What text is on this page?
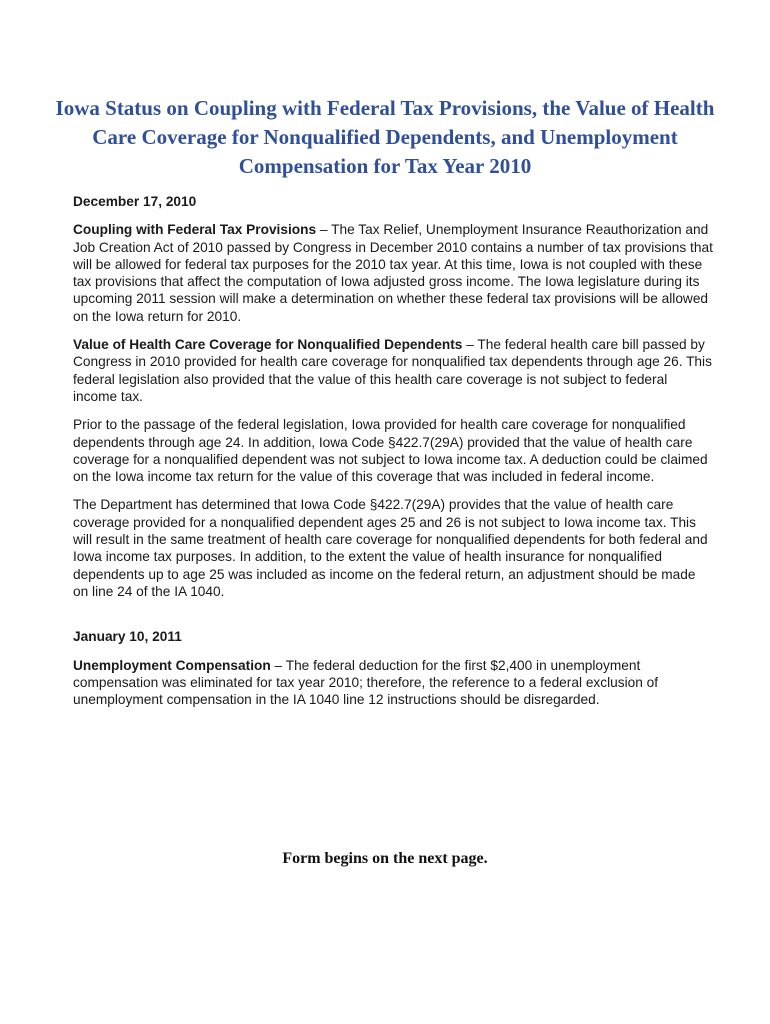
Iowa Status on Coupling with Federal Tax Provisions, the Value of Health Care Coverage for Nonqualified Dependents, and Unemployment Compensation for Tax Year 2010

December 17, 2010

Coupling with Federal Tax Provisions – The Tax Relief, Unemployment Insurance Reauthorization and Job Creation Act of 2010 passed by Congress in December 2010 contains a number of tax provisions that will be allowed for federal tax purposes for the 2010 tax year. At this time, Iowa is not coupled with these tax provisions that affect the computation of Iowa adjusted gross income. The Iowa legislature during its upcoming 2011 session will make a determination on whether these federal tax provisions will be allowed on the Iowa return for 2010.

Value of Health Care Coverage for Nonqualified Dependents – The federal health care bill passed by Congress in 2010 provided for health care coverage for nonqualified tax dependents through age 26. This federal legislation also provided that the value of this health care coverage is not subject to federal income tax.

Prior to the passage of the federal legislation, Iowa provided for health care coverage for nonqualified dependents through age 24. In addition, Iowa Code §422.7(29A) provided that the value of health care coverage for a nonqualified dependent was not subject to Iowa income tax. A deduction could be claimed on the Iowa income tax return for the value of this coverage that was included in federal income.

The Department has determined that Iowa Code §422.7(29A) provides that the value of health care coverage provided for a nonqualified dependent ages 25 and 26 is not subject to Iowa income tax. This will result in the same treatment of health care coverage for nonqualified dependents for both federal and Iowa income tax purposes. In addition, to the extent the value of health insurance for nonqualified dependents up to age 25 was included as income on the federal return, an adjustment should be made on line 24 of the IA 1040.

January 10, 2011

Unemployment Compensation – The federal deduction for the first $2,400 in unemployment compensation was eliminated for tax year 2010; therefore, the reference to a federal exclusion of unemployment compensation in the IA 1040 line 12 instructions should be disregarded.

Form begins on the next page.
